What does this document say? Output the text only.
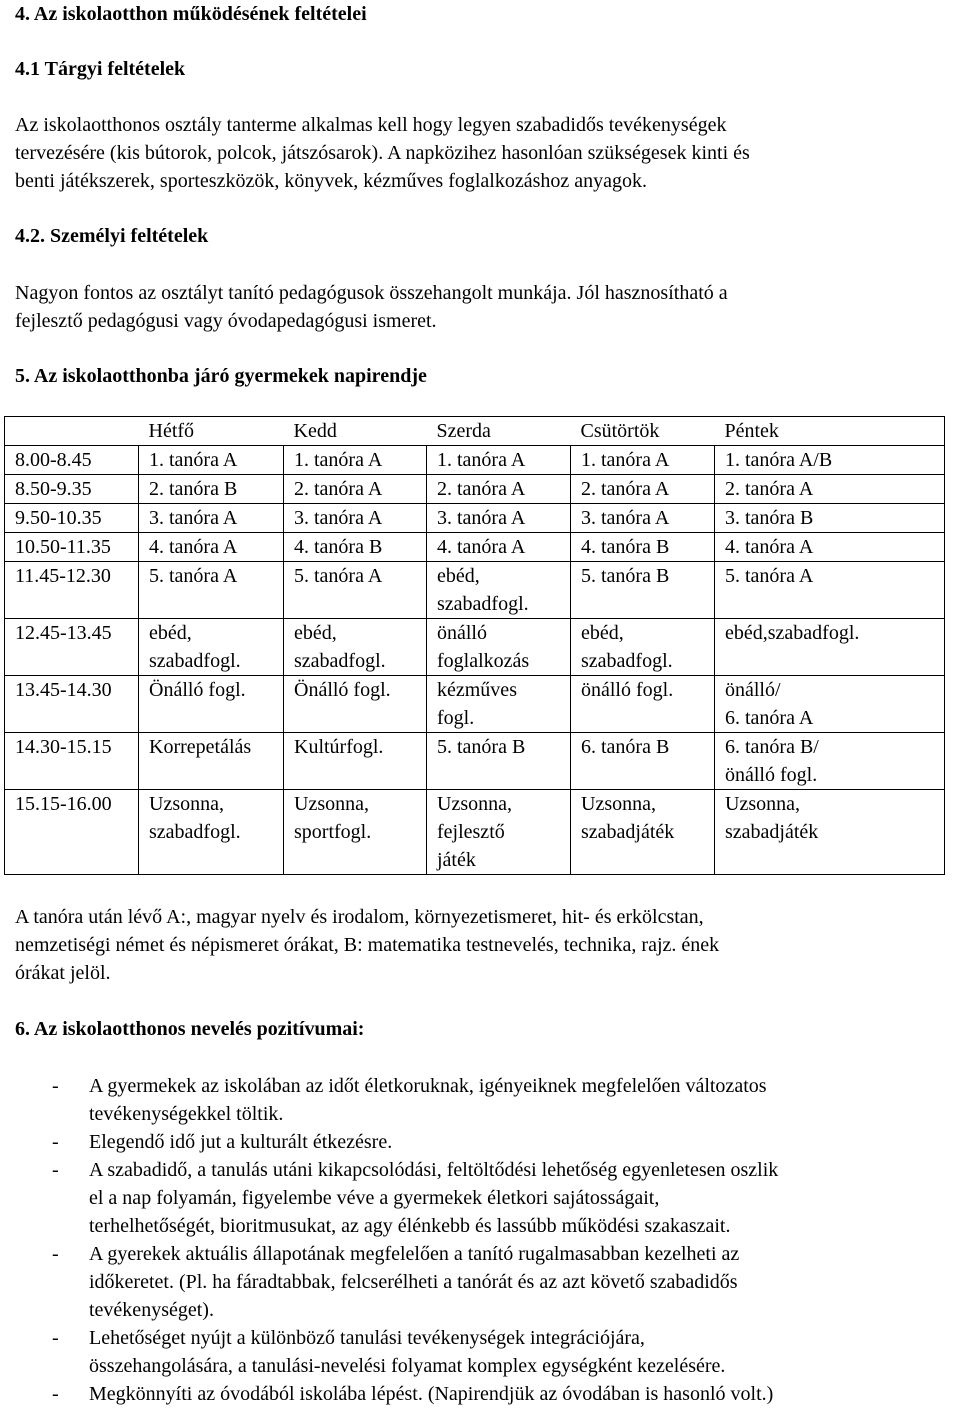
4. Az iskolaotthon működésének feltételei

4.1 Tárgyi feltételek

Az iskolaotthonos osztály tanterme alkalmas kell hogy legyen szabadidős tevékenységek

tervezésére (kis bútorok, polcok, játszósarok). A napközihez hasonlóan szükségesek kinti és

benti játékszerek, sporteszközök, könyvek, kézműves foglalkozáshoz anyagok.

4.2. Személyi feltételek

Nagyon fontos az osztályt tanító pedagógusok összehangolt munkája. Jól hasznosítható a

fejlesztő pedagógusi vagy óvodapedagógusi ismeret.

5. Az iskolaotthonba járó gyermekek napirendje

	Hétfő	Kedd	Szerda	Csütörtök	Péntek
8.00-8.45	1. tanóra A	1. tanóra A	1. tanóra A	1. tanóra A	1. tanóra A/B
8.50-9.35	2. tanóra B	2. tanóra A	2. tanóra A	2. tanóra A	2. tanóra A
9.50-10.35	3. tanóra A	3. tanóra A	3. tanóra A	3. tanóra A	3. tanóra B
10.50-11.35	4. tanóra A	4. tanóra B	4. tanóra A	4. tanóra B	4. tanóra A
11.45-12.30	5. tanóra A	5. tanóra A	ebéd,
szabadfogl.	5. tanóra B	5. tanóra A
12.45-13.45	ebéd,
szabadfogl.	ebéd,
szabadfogl.	önálló
foglalkozás	ebéd,
szabadfogl.	ebéd,szabadfogl.
13.45-14.30	Önálló fogl.	Önálló fogl.	kézműves
fogl.	önálló fogl.	önálló/
6. tanóra A
14.30-15.15	Korrepetálás	Kultúrfogl.	5. tanóra B	6. tanóra B	6. tanóra B/
önálló fogl.
15.15-16.00	Uzsonna,
szabadfogl.	Uzsonna,
sportfogl.	Uzsonna,
fejlesztő
játék	Uzsonna,
szabadjáték	Uzsonna,
szabadjáték

A tanóra után lévő A:, magyar nyelv és irodalom, környezetismeret, hit- és erkölcstan,

nemzetiségi német és népismeret órákat, B: matematika testnevelés, technika, rajz. ének

órákat jelöl.

6. Az iskolaotthonos nevelés pozitívumai:

- A gyermekek az iskolában az időt életkoruknak, igényeiknek megfelelően változatos
tevékenységekkel töltik.
- Elegendő idő jut a kulturált étkezésre.
- A szabadidő, a tanulás utáni kikapcsolódási, feltöltődési lehetőség egyenletesen oszlik
el a nap folyamán, figyelembe véve a gyermekek életkori sajátosságait,
terhelhetőségét, bioritmusukat, az agy élénkebb és lassúbb működési szakaszait.
- A gyerekek aktuális állapotának megfelelően a tanító rugalmasabban kezelheti az
időkeretet. (Pl. ha fáradtabbak, felcserélheti a tanórát és az azt követő szabadidős
tevékenységet).
- Lehetőséget nyújt a különböző tanulási tevékenységek integrációjára,
összehangolására, a tanulási-nevelési folyamat komplex egységként kezelésére.
- Megkönnyíti az óvodából iskolába lépést. (Napirendjük az óvodában is hasonló volt.)
